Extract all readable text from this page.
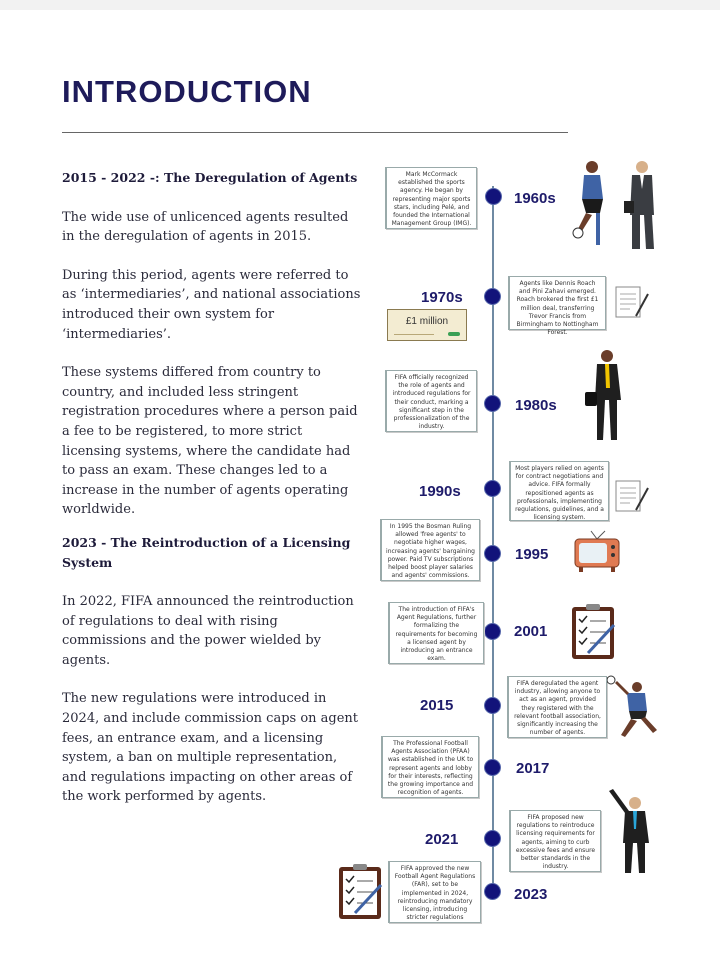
INTRODUCTION
2015 - 2022 -: The Deregulation of Agents

The wide use of unlicenced agents resulted in the deregulation of agents in 2015.

During this period, agents were referred to as ‘intermediaries’, and national associations introduced their own system for ‘intermediaries’.

These systems differed from country to country, and included less stringent registration procedures where a person paid a fee to be registered, to more strict licensing systems, where the candidate had to pass an exam. These changes led to a increase in the number of agents operating worldwide.

2023 - The Reintroduction of a Licensing System

In 2022, FIFA announced the reintroduction of regulations to deal with rising commissions and the power wielded by agents.

The new regulations were introduced in 2024, and include commission caps on agent fees, an entrance exam, and a licensing system, a ban on multiple representation, and regulations impacting on other areas of the work performed by agents.

1960s
Mark McCormack established the sports agency. He began by representing major sports stars, including Pelé, and founded the International Management Group (IMG).
1970s
Agents like Dennis Roach and Pini Zahavi emerged. Roach brokered the first £1 million deal, transferring Trevor Francis from Birmingham to Nottingham Forest.
1980s
FIFA officially recognized the role of agents and introduced regulations for their conduct, marking a significant step in the professionalization of the industry.
1990s
Most players relied on agents for contract negotiations and advice. FIFA formally repositioned agents as professionals, implementing regulations, guidelines, and a licensing system.
1995
In 1995 the Bosman Ruling allowed 'free agents' to negotiate higher wages, increasing agents' bargaining power. Paid TV subscriptions helped boost player salaries and agents' commissions.
2001
The introduction of FIFA's Agent Regulations, further formalizing the requirements for becoming a licensed agent by introducing an entrance exam.
2015
FIFA deregulated the agent industry, allowing anyone to act as an agent, provided they registered with the relevant football association, significantly increasing the number of agents.
2017
The Professional Football Agents Association (PFAA) was established in the UK to represent agents and lobby for their interests, reflecting the growing importance and recognition of agents.
2021
FIFA proposed new regulations to reintroduce licensing requirements for agents, aiming to curb excessive fees and ensure better standards in the industry.
2023
FIFA approved the new Football Agent Regulations (FAR), set to be implemented in 2024, reintroducing mandatory licensing, introducing stricter regulations
£1 million
